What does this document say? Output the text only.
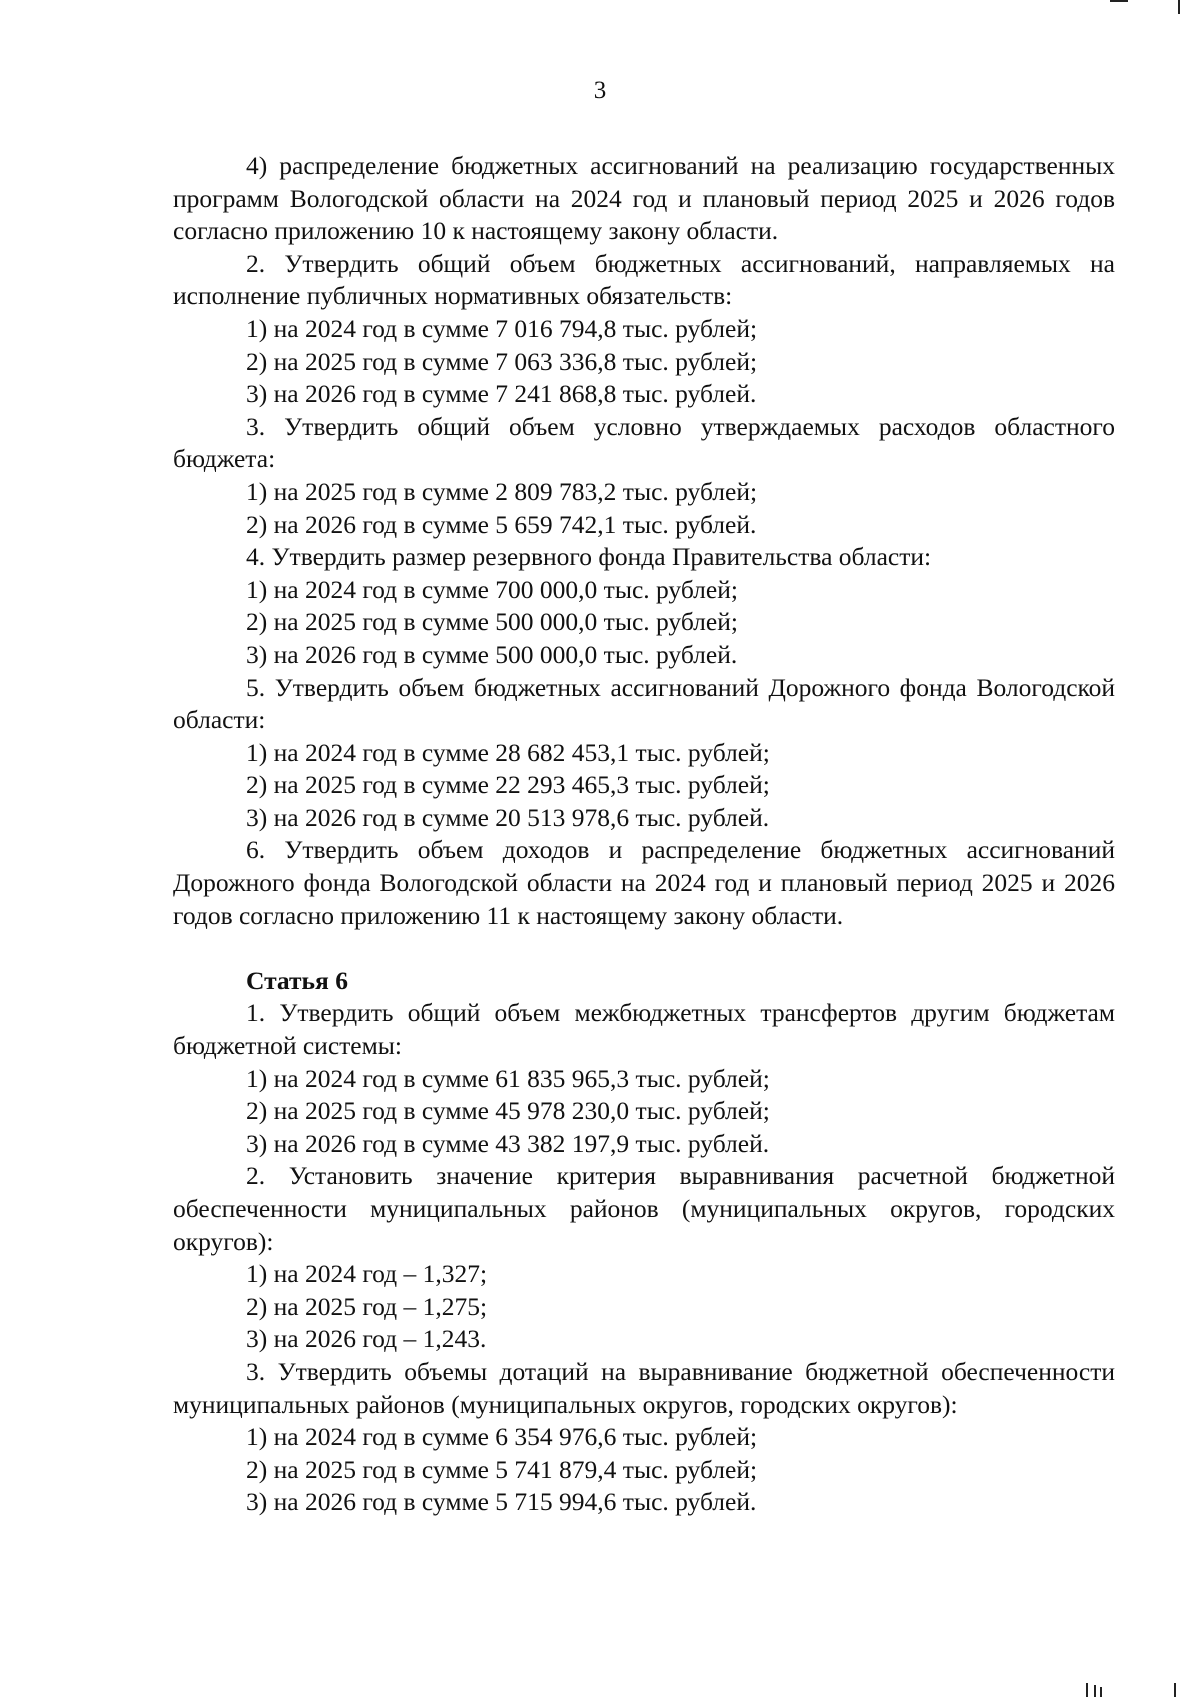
3

4) распределение бюджетных ассигнований на реализацию государственных программ Вологодской области на 2024 год и плановый период 2025 и 2026 годов согласно приложению 10 к настоящему закону области.

2. Утвердить общий объем бюджетных ассигнований, направляемых на исполнение публичных нормативных обязательств:

1) на 2024 год в сумме 7 016 794,8 тыс. рублей;

2) на 2025 год в сумме 7 063 336,8 тыс. рублей;

3) на 2026 год в сумме 7 241 868,8 тыс. рублей.

3. Утвердить общий объем условно утверждаемых расходов областного бюджета:

1) на 2025 год в сумме 2 809 783,2 тыс. рублей;

2) на 2026 год в сумме 5 659 742,1 тыс. рублей.

4. Утвердить размер резервного фонда Правительства области:

1) на 2024 год в сумме 700 000,0 тыс. рублей;

2) на 2025 год в сумме 500 000,0 тыс. рублей;

3) на 2026 год в сумме 500 000,0 тыс. рублей.

5. Утвердить объем бюджетных ассигнований Дорожного фонда Вологодской области:

1) на 2024 год в сумме 28 682 453,1 тыс. рублей;

2) на 2025 год в сумме 22 293 465,3 тыс. рублей;

3) на 2026 год в сумме 20 513 978,6 тыс. рублей.

6. Утвердить объем доходов и распределение бюджетных ассигнований Дорожного фонда Вологодской области на 2024 год и плановый период 2025 и 2026 годов согласно приложению 11 к настоящему закону области.

Статья 6

1. Утвердить общий объем межбюджетных трансфертов другим бюджетам бюджетной системы:

1) на 2024 год в сумме 61 835 965,3 тыс. рублей;

2) на 2025 год в сумме 45 978 230,0 тыс. рублей;

3) на 2026 год в сумме 43 382 197,9 тыс. рублей.

2. Установить значение критерия выравнивания расчетной бюджетной обеспеченности муниципальных районов (муниципальных округов, городских округов):

1) на 2024 год – 1,327;

2) на 2025 год – 1,275;

3) на 2026 год – 1,243.

3. Утвердить объемы дотаций на выравнивание бюджетной обеспеченности муниципальных районов (муниципальных округов, городских округов):

1) на 2024 год в сумме 6 354 976,6 тыс. рублей;

2) на 2025 год в сумме 5 741 879,4 тыс. рублей;

3) на 2026 год в сумме 5 715 994,6 тыс. рублей.
